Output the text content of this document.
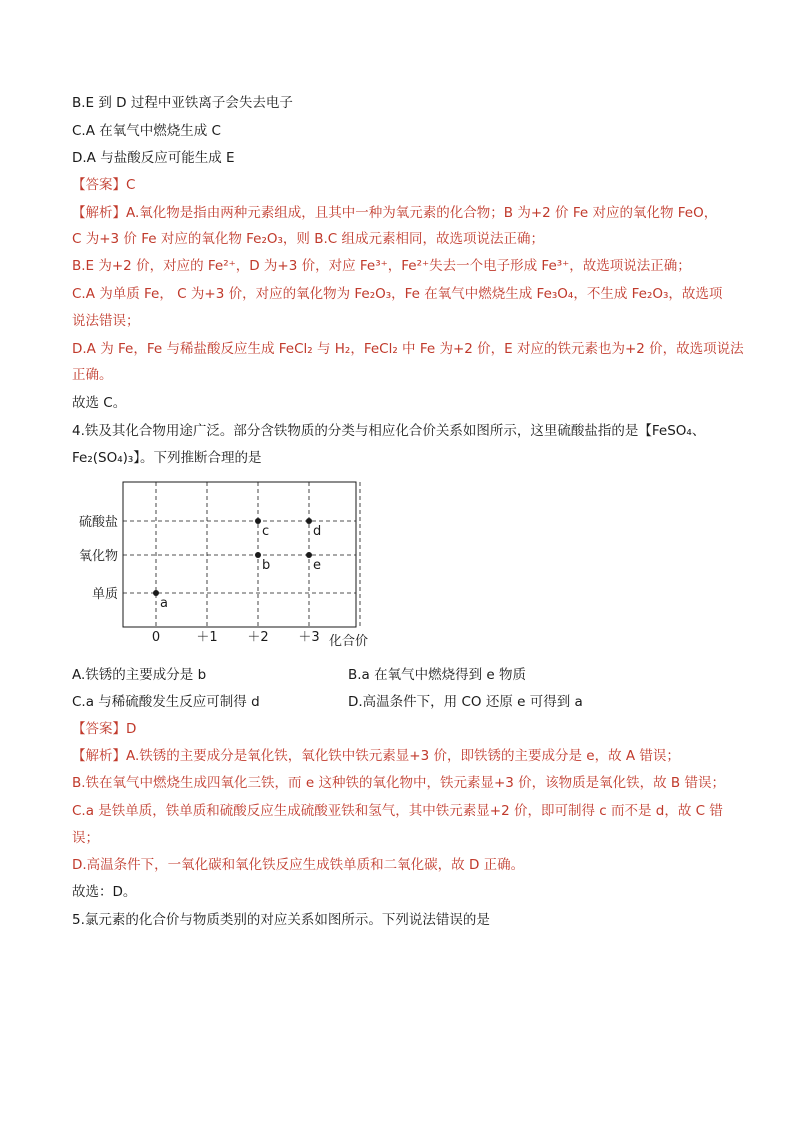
B.E 到 D 过程中亚铁离子会失去电子
C.A 在氧气中燃烧生成 C
D.A 与盐酸反应可能生成 E
【答案】C
【解析】A.氧化物是指由两种元素组成，且其中一种为氧元素的化合物；B 为+2 价 Fe 对应的氧化物 FeO，
C 为+3 价 Fe 对应的氧化物 Fe₂O₃，则 B.C 组成元素相同，故选项说法正确；
B.E 为+2 价，对应的 Fe²⁺，D 为+3 价，对应 Fe³⁺，Fe²⁺失去一个电子形成 Fe³⁺，故选项说法正确；
C.A 为单质 Fe， C 为+3 价，对应的氧化物为 Fe₂O₃，Fe 在氧气中燃烧生成 Fe₃O₄，不生成 Fe₂O₃，故选项
说法错误；
D.A 为 Fe，Fe 与稀盐酸反应生成 FeCl₂ 与 H₂，FeCl₂ 中 Fe 为+2 价，E 对应的铁元素也为+2 价，故选项说法
正确。
故选 C。
4.铁及其化合物用途广泛。部分含铁物质的分类与相应化合价关系如图所示，这里硫酸盐指的是【FeSO₄、
Fe₂(SO₄)₃】。下列推断合理的是
单质
氧化物
硫酸盐
0	＋1 ＋2 ＋3
a
b
c	d
e
化合价
A.铁锈的主要成分是 b	B.a 在氧气中燃烧得到 e 物质
C.a 与稀硫酸发生反应可制得 d	D.高温条件下，用 CO 还原 e 可得到 a
【答案】D
【解析】A.铁锈的主要成分是氧化铁，氧化铁中铁元素显+3 价，即铁锈的主要成分是 e，故 A 错误；
B.铁在氧气中燃烧生成四氧化三铁，而 e 这种铁的氧化物中，铁元素显+3 价，该物质是氧化铁，故 B 错误；
C.a 是铁单质，铁单质和硫酸反应生成硫酸亚铁和氢气，其中铁元素显+2 价，即可制得 c 而不是 d，故 C 错
误；
D.高温条件下，一氧化碳和氧化铁反应生成铁单质和二氧化碳，故 D 正确。
故选：D。
5.氯元素的化合价与物质类别的对应关系如图所示。下列说法错误的是
